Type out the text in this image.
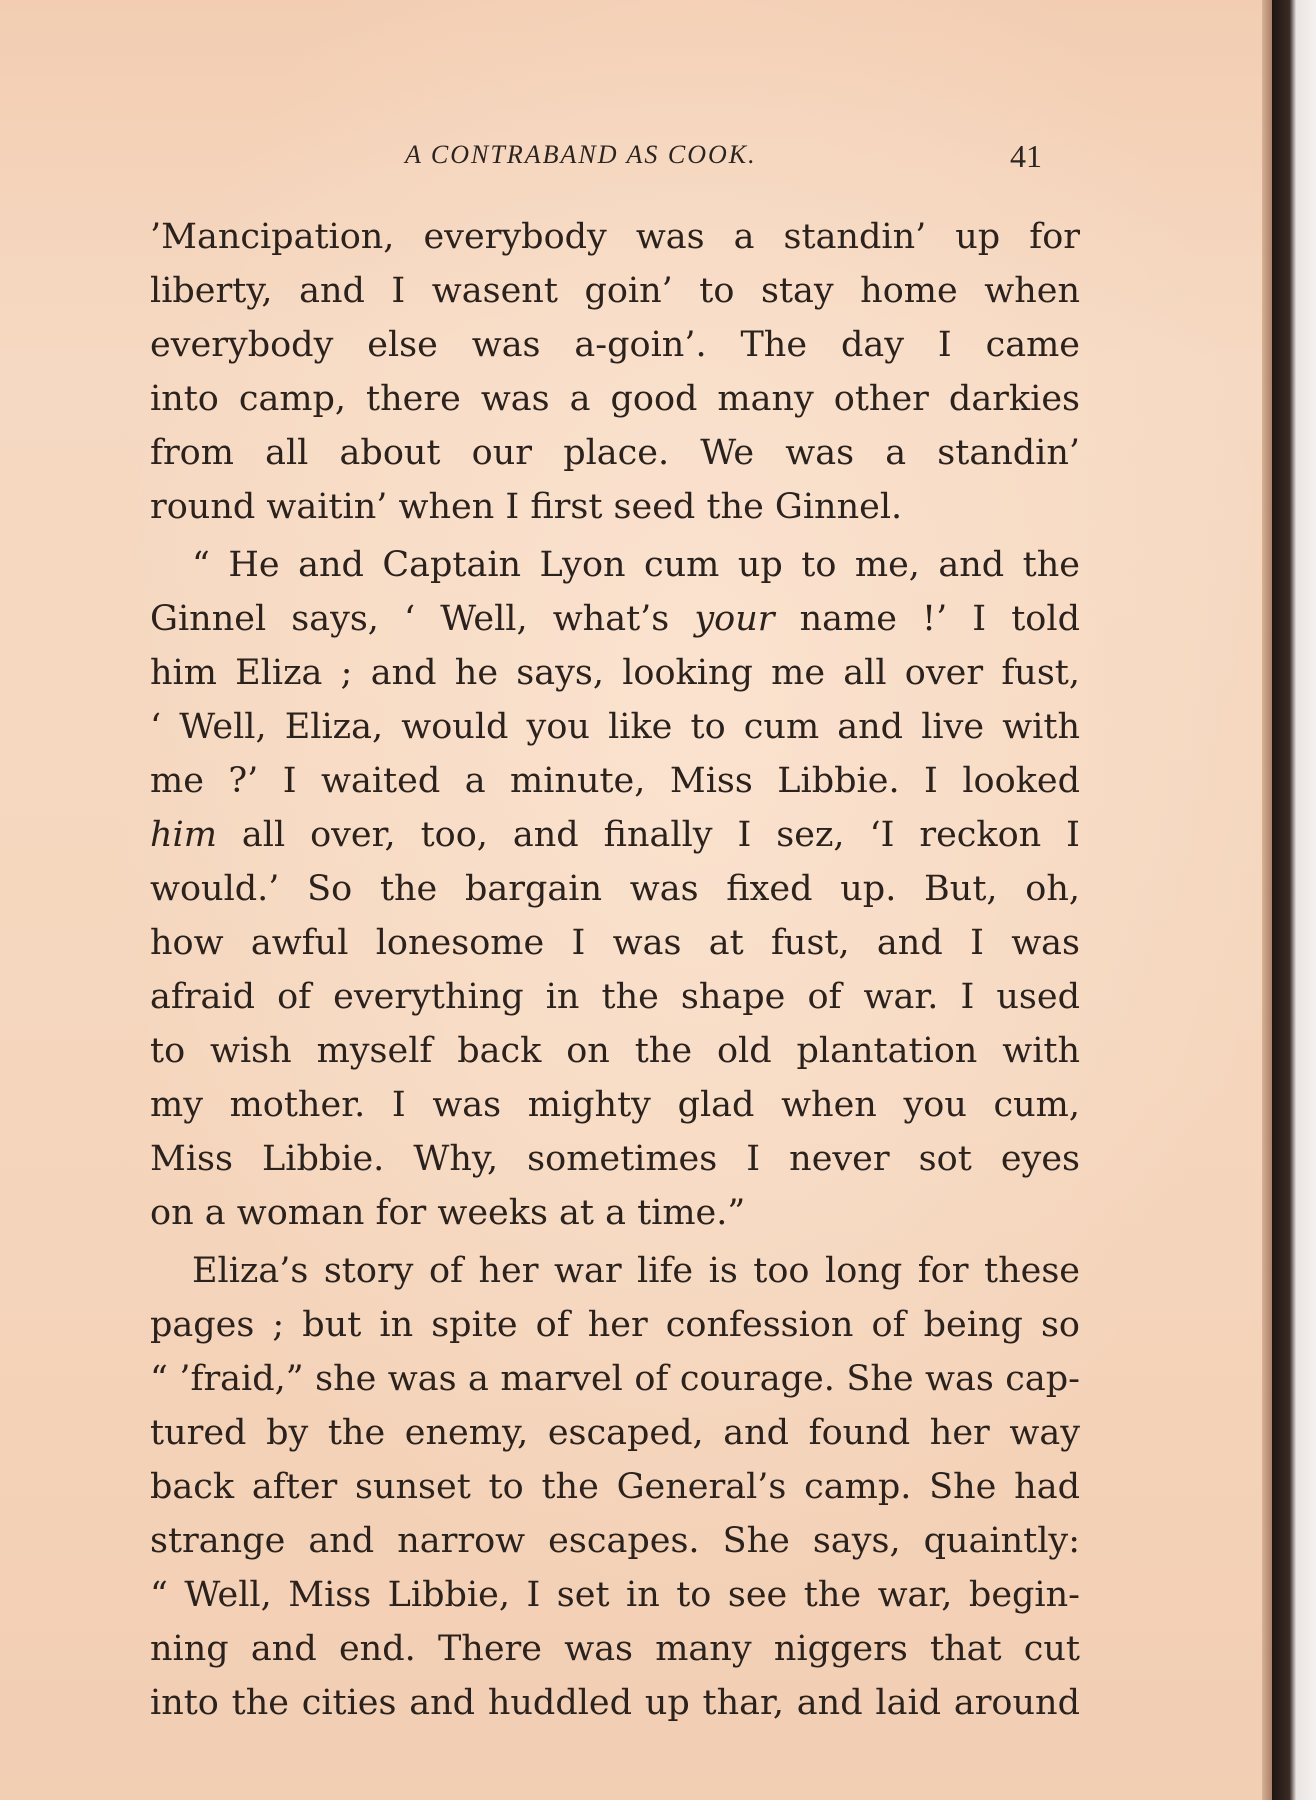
A CONTRABAND AS COOK.	41
’Mancipation, everybody was a standin’ up for
liberty, and I wasent goin’ to stay home when
everybody else was a-goin’. The day I came
into camp, there was a good many other darkies
from all about our place. We was a standin’
round waitin’ when I first seed the Ginnel.
“ He and Captain Lyon cum up to me, and the
Ginnel says, ‘ Well, what’s your name !’ I told
him Eliza ; and he says, looking me all over fust,
‘ Well, Eliza, would you like to cum and live with
me ?’ I waited a minute, Miss Libbie. I looked
him all over, too, and finally I sez, ‘I reckon I
would.’ So the bargain was fixed up. But, oh,
how awful lonesome I was at fust, and I was
afraid of everything in the shape of war. I used
to wish myself back on the old plantation with
my mother. I was mighty glad when you cum,
Miss Libbie. Why, sometimes I never sot eyes
on a woman for weeks at a time.”
Eliza’s story of her war life is too long for these
pages ; but in spite of her confession of being so
“ ’fraid,” she was a marvel of courage. She was cap-
tured by the enemy, escaped, and found her way
back after sunset to the General’s camp. She had
strange and narrow escapes. She says, quaintly:
“ Well, Miss Libbie, I set in to see the war, begin-
ning and end. There was many niggers that cut
into the cities and huddled up thar, and laid around
